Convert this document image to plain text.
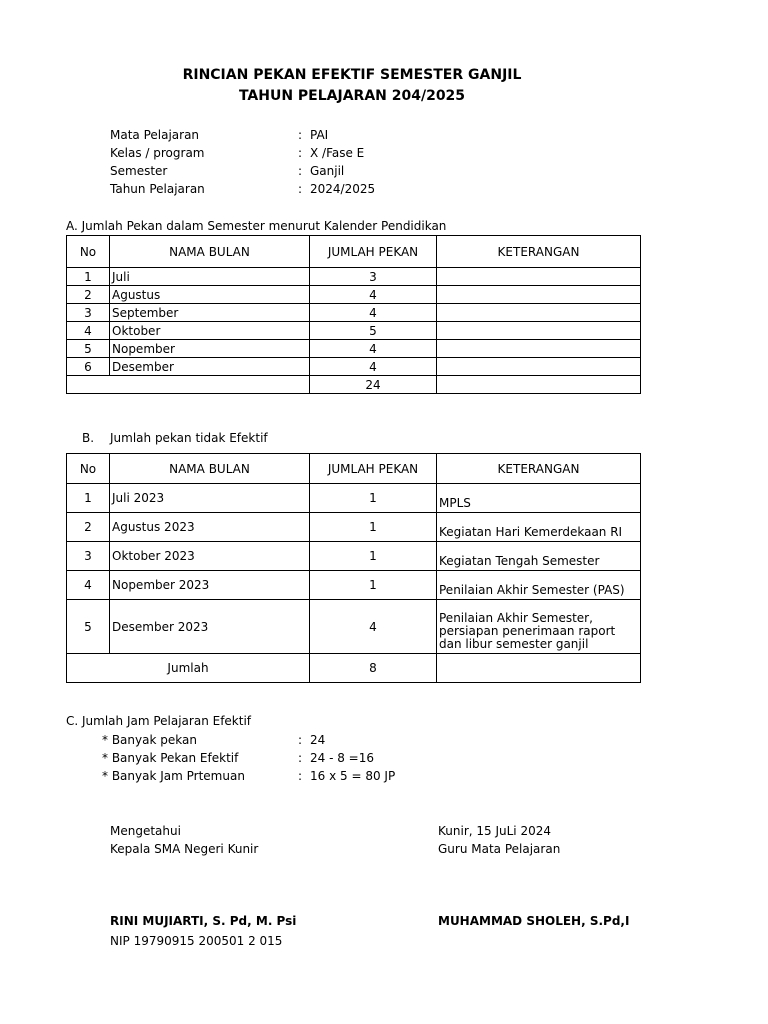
RINCIAN PEKAN EFEKTIF SEMESTER GANJIL
TAHUN PELAJARAN 204/2025
Mata Pelajaran	: PAI
Kelas / program	: X /Fase E
Semester	: Ganjil
Tahun Pelajaran	: 2024/2025
A. Jumlah Pekan dalam Semester menurut Kalender Pendidikan
No	NAMA BULAN	JUMLAH PEKAN	KETERANGAN
1	Juli	3	
2	Agustus	4	
3	September	4	
4	Oktober	5	
5	Nopember	4	
6	Desember	4	
		24	
B. Jumlah pekan tidak Efektif
No	NAMA BULAN	JUMLAH PEKAN	KETERANGAN
1	Juli 2023	1	MPLS
2	Agustus 2023	1	Kegiatan Hari Kemerdekaan RI
3	Oktober 2023	1	Kegiatan Tengah Semester
4	Nopember 2023	1	Penilaian Akhir Semester (PAS)
5	Desember 2023	4	Penilaian Akhir Semester, persiapan penerimaan raport dan libur semester ganjil
Jumlah		8	
C. Jumlah Jam Pelajaran Efektif
* Banyak pekan	: 24
* Banyak Pekan Efektif	: 24 - 8 =16
* Banyak Jam Prtemuan	: 16 x 5 = 80 JP
Mengetahui
Kepala SMA Negeri Kunir
RINI MUJIARTI, S. Pd, M. Psi
NIP 19790915 200501 2 015
Kunir, 15 JuLi 2024
Guru Mata Pelajaran
MUHAMMAD SHOLEH, S.Pd,I
